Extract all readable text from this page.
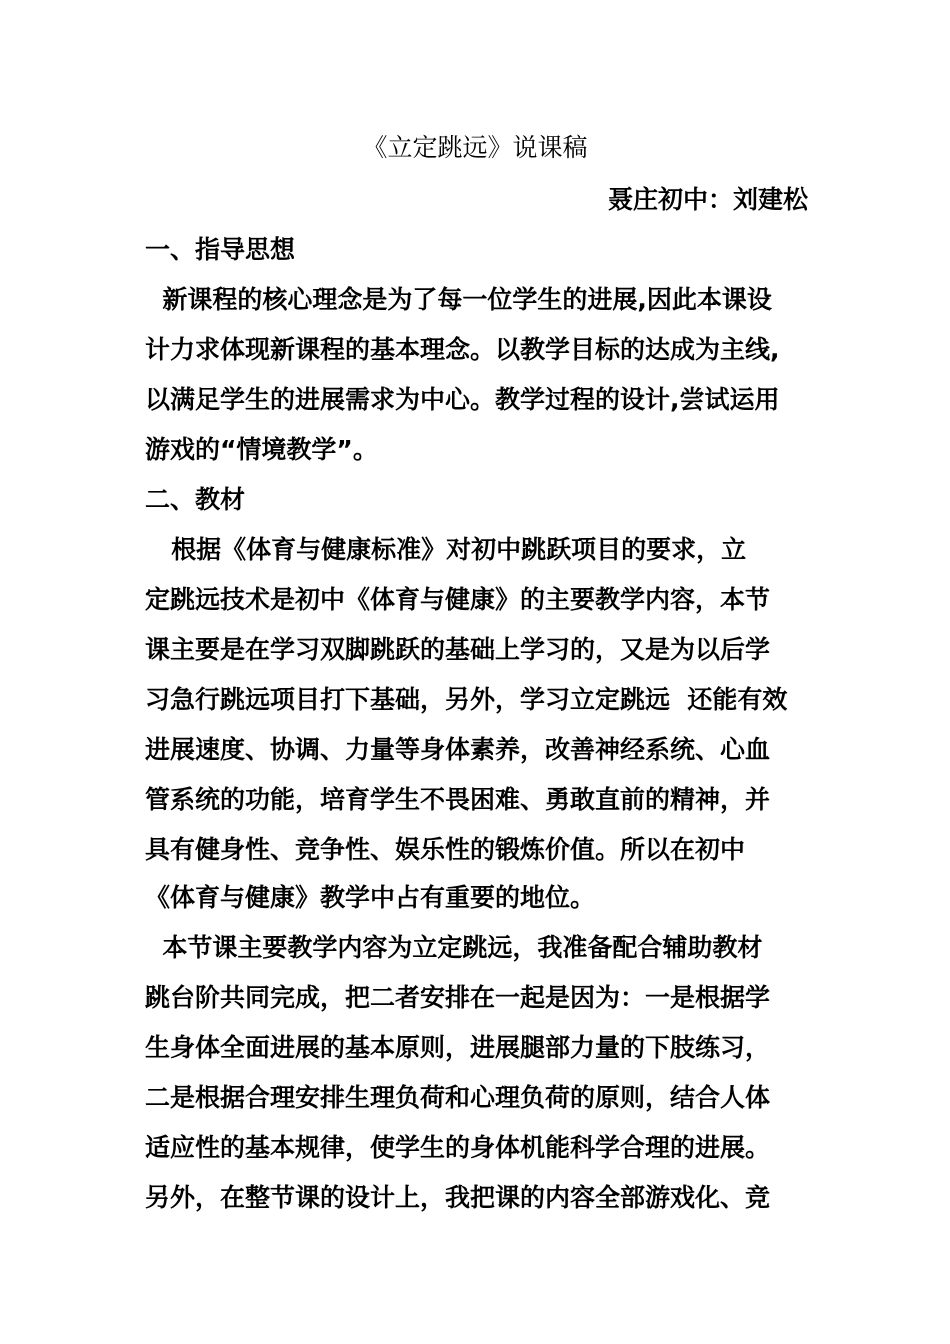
《立定跳远》说课稿
聂庄初中：刘建松
一、指导思想
新课程的核心理念是为了每一位学生的进展,因此本课设
计力求体现新课程的基本理念。以教学目标的达成为主线,
以满足学生的进展需求为中心。教学过程的设计,尝试运用
游戏的“情境教学”。
二、教材
根据《体育与健康标准》对初中跳跃项目的要求，立
定跳远技术是初中《体育与健康》的主要教学内容，本节
课主要是在学习双脚跳跃的基础上学习的，又是为以后学
习急行跳远项目打下基础，另外，学习立定跳远  还能有效
进展速度、协调、力量等身体素养，改善神经系统、心血
管系统的功能，培育学生不畏困难、勇敢直前的精神，并
具有健身性、竞争性、娱乐性的锻炼价值。所以在初中
《体育与健康》教学中占有重要的地位。
本节课主要教学内容为立定跳远，我准备配合辅助教材
跳台阶共同完成，把二者安排在一起是因为：一是根据学
生身体全面进展的基本原则，进展腿部力量的下肢练习，
二是根据合理安排生理负荷和心理负荷的原则，结合人体
适应性的基本规律，使学生的身体机能科学合理的进展。
另外，在整节课的设计上，我把课的内容全部游戏化、竞
